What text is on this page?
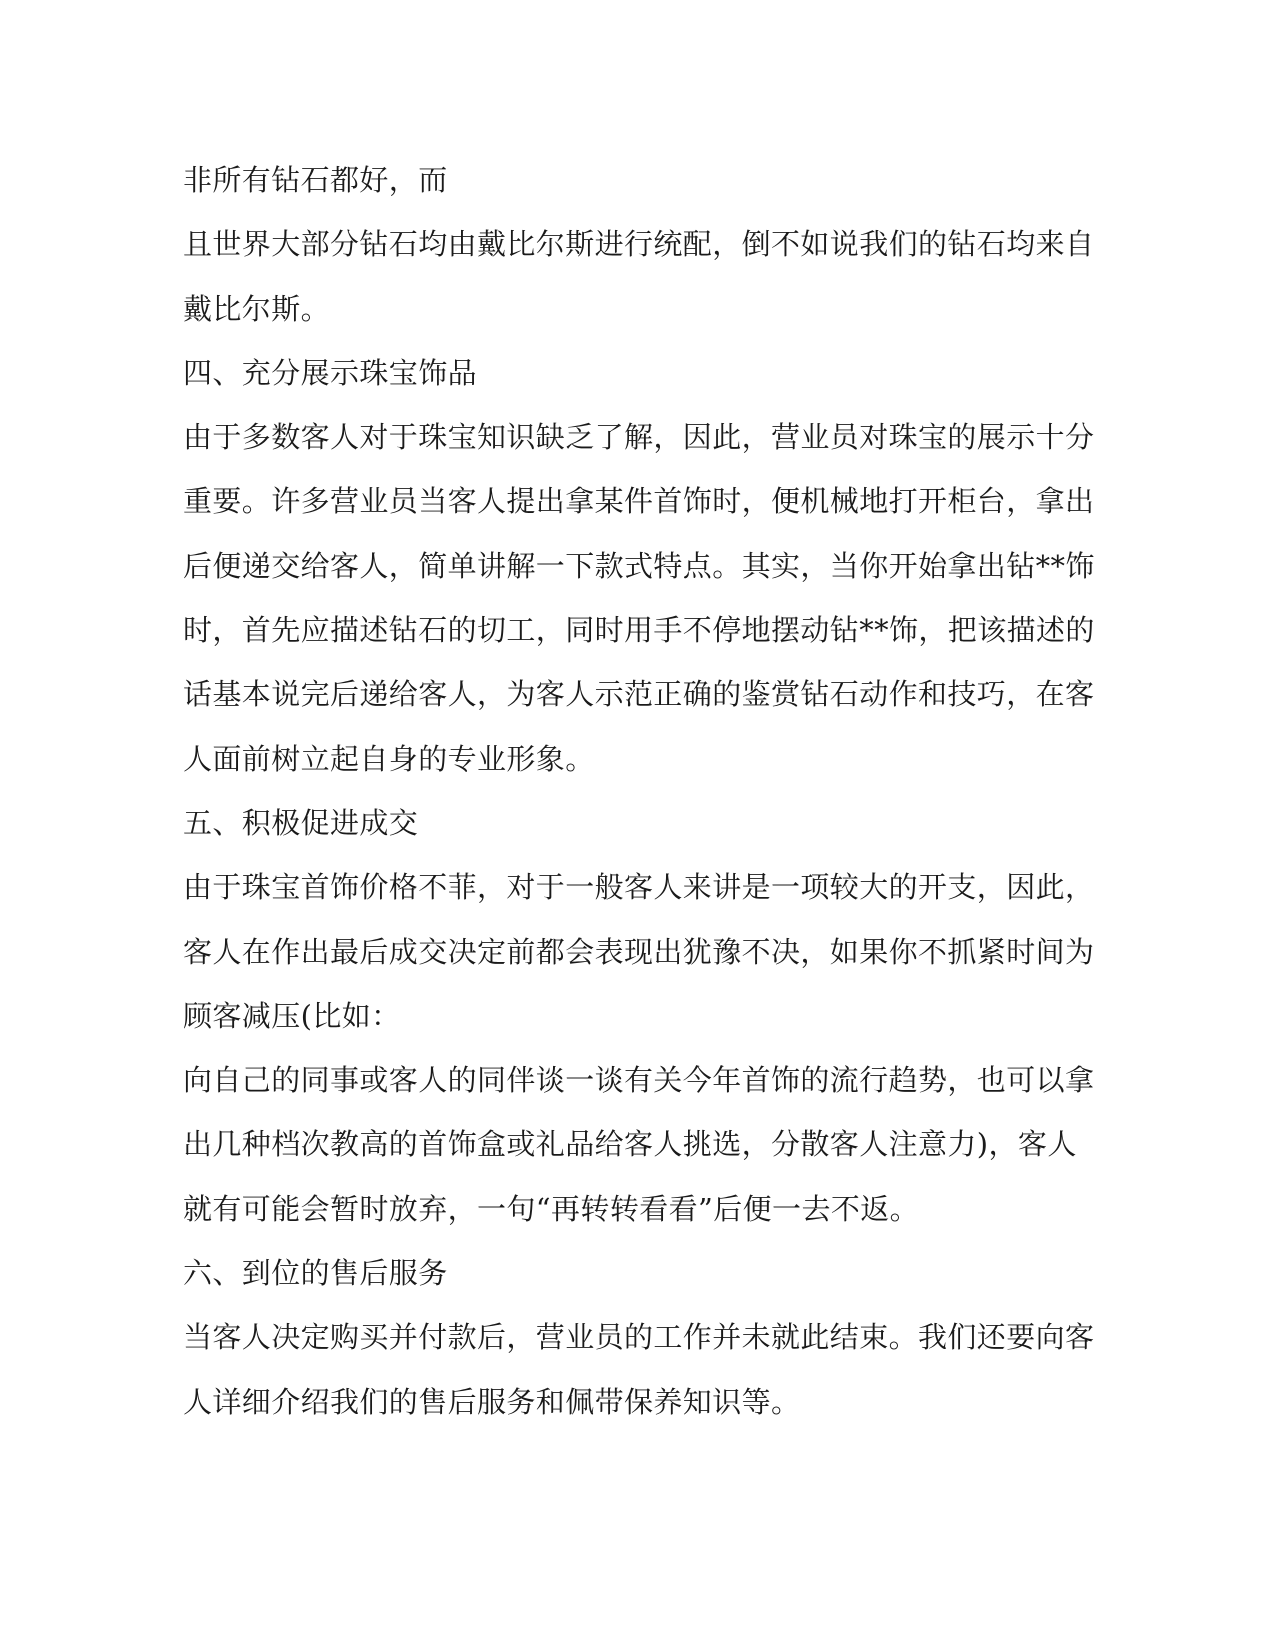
非所有钻石都好，而
且世界大部分钻石均由戴比尔斯进行统配，倒不如说我们的钻石均来自
戴比尔斯。
四、充分展示珠宝饰品
由于多数客人对于珠宝知识缺乏了解，因此，营业员对珠宝的展示十分
重要。许多营业员当客人提出拿某件首饰时，便机械地打开柜台，拿出
后便递交给客人，简单讲解一下款式特点。其实，当你开始拿出钻**饰
时，首先应描述钻石的切工，同时用手不停地摆动钻**饰，把该描述的
话基本说完后递给客人，为客人示范正确的鉴赏钻石动作和技巧，在客
人面前树立起自身的专业形象。
五、积极促进成交
由于珠宝首饰价格不菲，对于一般客人来讲是一项较大的开支，因此，
客人在作出最后成交决定前都会表现出犹豫不决，如果你不抓紧时间为
顾客减压(比如：
向自己的同事或客人的同伴谈一谈有关今年首饰的流行趋势，也可以拿
出几种档次教高的首饰盒或礼品给客人挑选，分散客人注意力)，客人
就有可能会暂时放弃，一句“再转转看看”后便一去不返。
六、到位的售后服务
当客人决定购买并付款后，营业员的工作并未就此结束。我们还要向客
人详细介绍我们的售后服务和佩带保养知识等。
